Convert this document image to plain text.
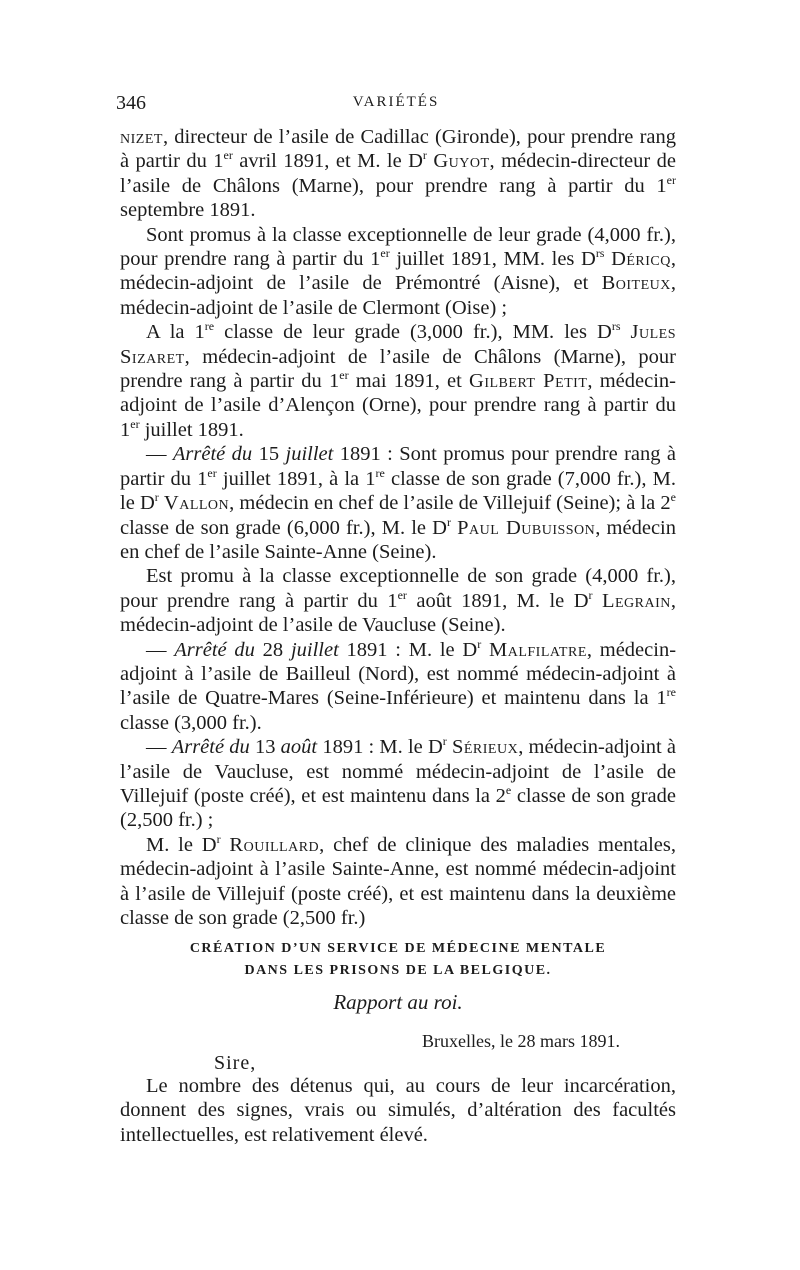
346	VARIÉTÉS

nizet, directeur de l’asile de Cadillac (Gironde), pour prendre rang à partir du 1er avril 1891, et M. le $D^r$ Guyot, médecin-directeur de l’asile de Châlons (Marne), pour prendre rang à partir du 1er septembre 1891.

Sont promus à la classe exceptionnelle de leur grade (4,000 fr.), pour prendre rang à partir du 1er juillet 1891, MM. les $D^{rs}$ Déricq, médecin-adjoint de l’asile de Prémontré (Aisne), et Boiteux, médecin-adjoint de l’asile de Clermont (Oise) ;

A la 1re classe de leur grade (3,000 fr.), MM. les $D^{rs}$ Jules Sizaret, médecin-adjoint de l’asile de Châlons (Marne), pour prendre rang à partir du 1er mai 1891, et Gilbert Petit, médecin-adjoint de l’asile d’Alençon (Orne), pour prendre rang à partir du 1er juillet 1891.

— Arrêté du 15 juillet 1891 : Sont promus pour prendre rang à partir du 1er juillet 1891, à la 1re classe de son grade (7,000 fr.), M. le $D^r$ Vallon, médecin en chef de l’asile de Villejuif (Seine); à la 2e classe de son grade (6,000 fr.), M. le $D^r$ Paul Dubuisson, médecin en chef de l’asile Sainte-Anne (Seine).

Est promu à la classe exceptionnelle de son grade (4,000 fr.), pour prendre rang à partir du 1er août 1891, M. le $D^r$ Legrain, médecin-adjoint de l’asile de Vaucluse (Seine).

— Arrêté du 28 juillet 1891 : M. le $D^r$ Malfilatre, médecin-adjoint à l’asile de Bailleul (Nord), est nommé médecin-adjoint à l’asile de Quatre-Mares (Seine-Inférieure) et maintenu dans la 1re classe (3,000 fr.).

— Arrêté du 13 août 1891 : M. le $D^r$ Sérieux, médecin-adjoint à l’asile de Vaucluse, est nommé médecin-adjoint de l’asile de Villejuif (poste créé), et est maintenu dans la 2e classe de son grade (2,500 fr.) ;

M. le $D^r$ Rouillard, chef de clinique des maladies mentales, médecin-adjoint à l’asile Sainte-Anne, est nommé médecin-adjoint à l’asile de Villejuif (poste créé), et est maintenu dans la deuxième classe de son grade (2,500 fr.)

CRÉATION D’UN SERVICE DE MÉDECINE MENTALE
DANS LES PRISONS DE LA BELGIQUE.
Rapport au roi.
Bruxelles, le 28 mars 1891.
Sire,

Le nombre des détenus qui, au cours de leur incarcération, donnent des signes, vrais ou simulés, d’altération des facultés intellectuelles, est relativement élevé.
